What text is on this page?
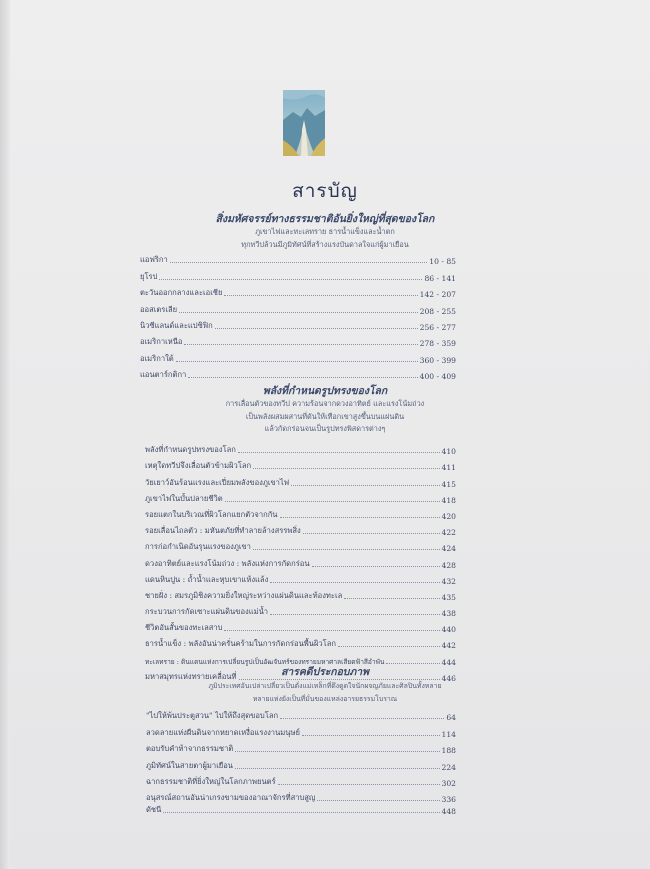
สารบัญ
สิ่งมหัศจรรย์ทางธรรมชาติอันยิ่งใหญ่ที่สุดของโลก
ภูเขาไฟและทะเลทราย ธารน้ำแข็งและน้ำตก
ทุกทวีปล้วนมีภูมิทัศน์ที่สร้างแรงบันดาลใจแก่ผู้มาเยือน
แอฟริกา	10 - 85
ยุโรป	86 - 141
ตะวันออกกลางและเอเชีย	142 - 207
ออสเตรเลีย	208 - 255
นิวซีแลนด์และแปซิฟิก	256 - 277
อเมริกาเหนือ	278 - 359
อเมริกาใต้	360 - 399
แอนตาร์กติกา	400 - 409
พลังที่กำหนดรูปทรงของโลก
การเลื่อนตัวของทวีป ความร้อนจากดวงอาทิตย์ และแรงโน้มถ่วง
เป็นพลังผสมผสานที่ดันให้เทือกเขาสูงขึ้นบนแผ่นดิน
แล้วกัดกร่อนจนเป็นรูปทรงพิสดารต่างๆ
พลังที่กำหนดรูปทรงของโลก	410
เหตุใดทวีปจึงเลื่อนตัวข้ามผิวโลก	411
วัยเยาว์อันร้อนแรงและเปี่ยมพลังของภูเขาไฟ	415
ภูเขาไฟในบั้นปลายชีวิต	418
รอยแตกในบริเวณที่ผิวโลกแยกตัวจากกัน	420
รอยเลื่อนไถลตัว : มหันตภัยที่ทำลายล้างสรรพสิ่ง	422
การก่อกำเนิดอันรุนแรงของภูเขา	424
ดวงอาทิตย์และแรงโน้มถ่วง : พลังแห่งการกัดกร่อน	428
แดนหินปูน : ถ้ำน้ำและหุบเขาแห้งแล้ง	432
ชายฝั่ง : สมรภูมิชิงความยิ่งใหญ่ระหว่างแผ่นดินและท้องทะเล	435
กระบวนการกัดเซาะแผ่นดินของแม่น้ำ	438
ชีวิตอันสั้นของทะเลสาบ	440
ธารน้ำแข็ง : พลังอันน่าครั่นคร้ามในการกัดกร่อนพื้นผิวโลก	442
ทะเลทราย : ดินแดนแห่งการเปลี่ยนรูปเป็นอัฒจันทร์ของทรายมหาศาลเสียดฟ้าสีอำพัน	444
มหาสมุทรแห่งทรายเคลื่อนที่	446
สารคดีประกอบภาพ
ภูมิประเทศอันเปล่าเปลี่ยวเป็นดั่งแม่เหล็กที่ดึงดูดใจนักผจญภัยและศิลปินทั้งหลาย
หลายแห่งยังเป็นที่มั่นของแหล่งอารยธรรมโบราณ
"ไปให้พ้นประตูสวน" ไปให้ถึงสุดขอบโลก	64
ลวดลายแห่งผืนดินจากหยาดเหงื่อแรงงานมนุษย์	114
ตอบรับคำท้าจากธรรมชาติ	188
ภูมิทัศน์ในสายตาผู้มาเยือน	224
ฉากธรรมชาติที่ยิ่งใหญ่ในโลกภาพยนตร์	302
อนุสรณ์สถานอันน่าเกรงขามของอาณาจักรที่สาบสูญ	336
ดัชนี	448
